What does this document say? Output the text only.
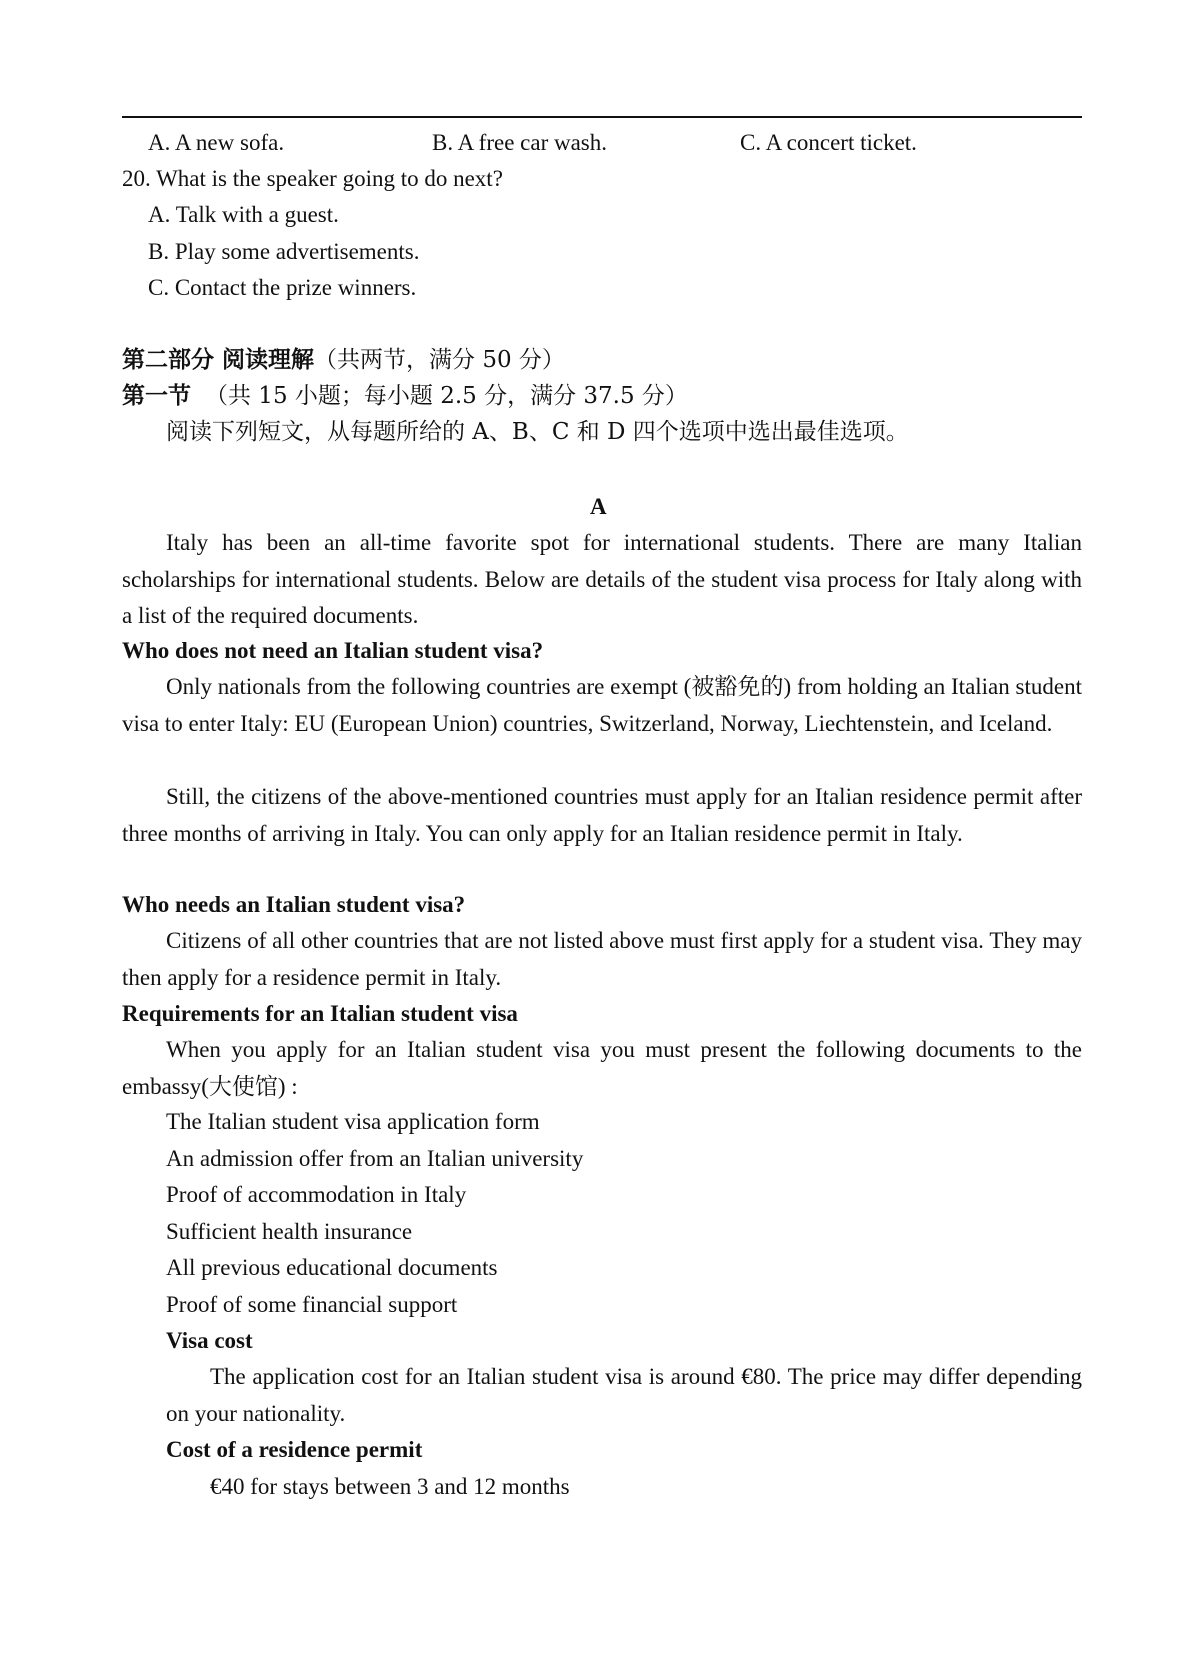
A. A new sofa.	B. A free car wash.	C. A concert ticket.
20. What is the speaker going to do next?
A. Talk with a guest.
B. Play some advertisements.
C. Contact the prize winners.
第二部分 阅读理解（共两节，满分 50 分）
第一节 （共 15 小题；每小题 2.5 分，满分 37.5 分）
阅读下列短文，从每题所给的 A、B、C 和 D 四个选项中选出最佳选项。
A
Italy has been an all-time favorite spot for international students. There are many Italian scholarships for international students. Below are details of the student visa process for Italy along with a list of the required documents.
Who does not need an Italian student visa?
Only nationals from the following countries are exempt (被豁免的) from holding an Italian student visa to enter Italy: EU (European Union) countries, Switzerland, Norway, Liechtenstein, and Iceland.
Still, the citizens of the above-mentioned countries must apply for an Italian residence permit after three months of arriving in Italy. You can only apply for an Italian residence permit in Italy.
Who needs an Italian student visa?
Citizens of all other countries that are not listed above must first apply for a student visa. They may then apply for a residence permit in Italy.
Requirements for an Italian student visa
When you apply for an Italian student visa you must present the following documents to the embassy(大使馆) :
The Italian student visa application form
An admission offer from an Italian university
Proof of accommodation in Italy
Sufficient health insurance
All previous educational documents
Proof of some financial support
Visa cost
The application cost for an Italian student visa is around €80. The price may differ depending on your nationality.
Cost of a residence permit
€40 for stays between 3 and 12 months
